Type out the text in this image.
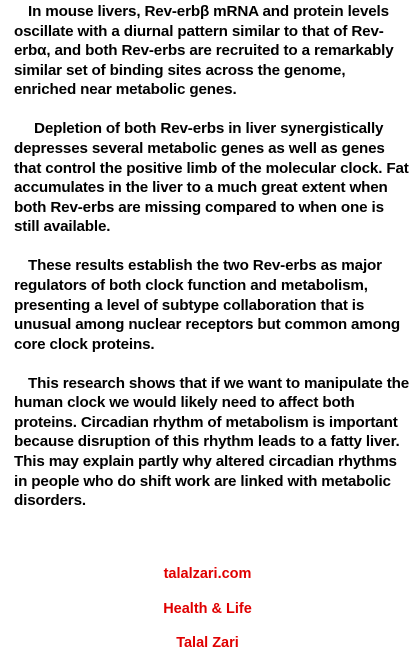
In mouse livers, Rev-erbβ mRNA and protein levels oscillate with a diurnal pattern similar to that of Rev-erbα, and both Rev-erbs are recruited to a remarkably similar set of binding sites across the genome, enriched near metabolic genes.

Depletion of both Rev-erbs in liver synergistically depresses several metabolic genes as well as genes that control the positive limb of the molecular clock. Fat accumulates in the liver to a much great extent when both Rev-erbs are missing compared to when one is still available.

These results establish the two Rev-erbs as major regulators of both clock function and metabolism, presenting a level of subtype collaboration that is unusual among nuclear receptors but common among core clock proteins.

This research shows that if we want to manipulate the human clock we would likely need to affect both proteins. Circadian rhythm of metabolism is important because disruption of this rhythm leads to a fatty liver. This may explain partly why altered circadian rhythms in people who do shift work are linked with metabolic disorders.

talalzari.com
Health & Life
Talal Zari
